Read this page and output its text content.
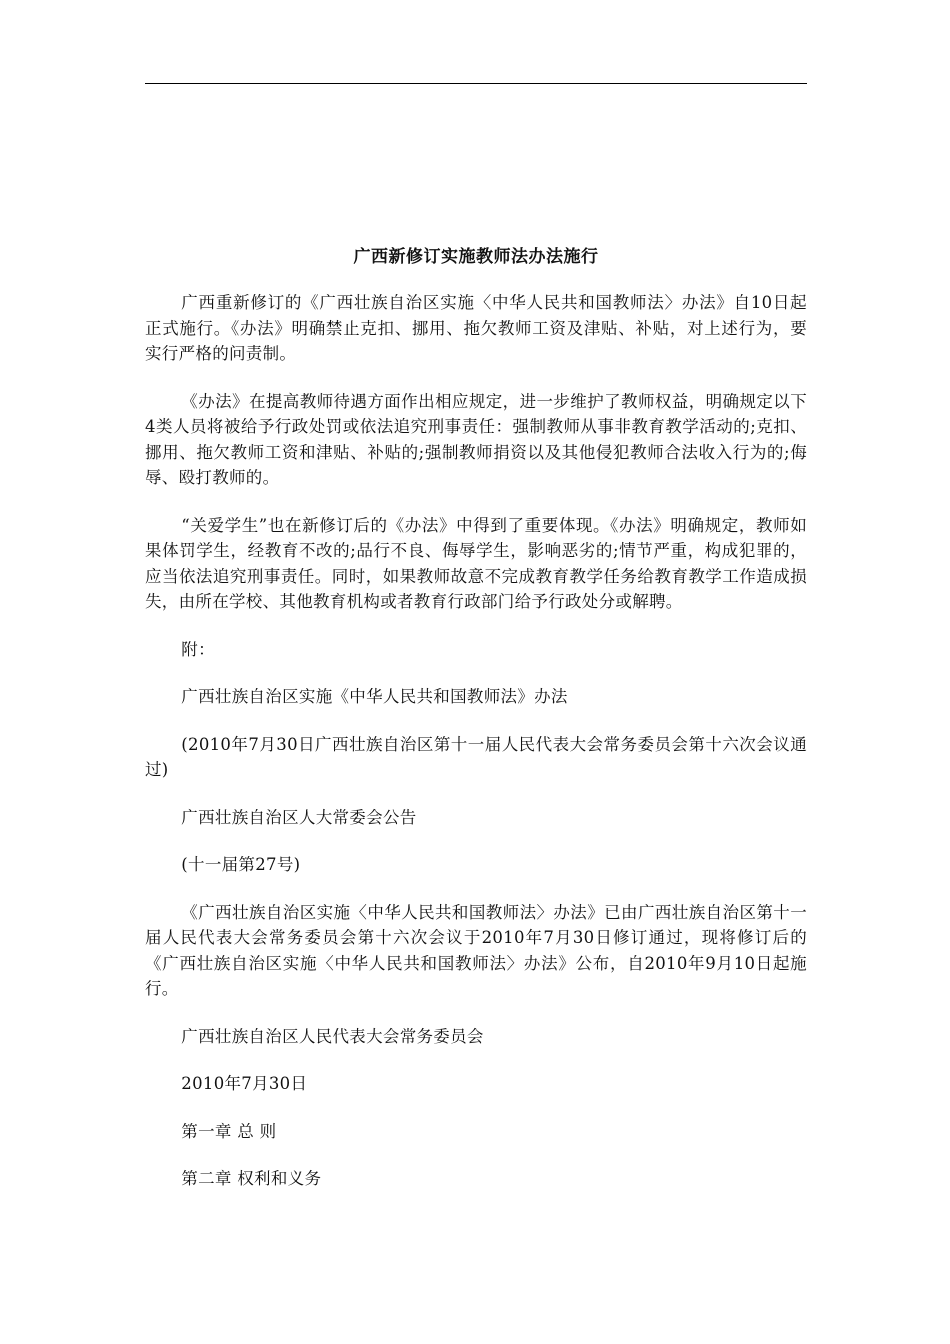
广西新修订实施教师法办法施行

广西重新修订的《广西壮族自治区实施〈中华人民共和国教师法〉办法》自10日起正式施行。《办法》明确禁止克扣、挪用、拖欠教师工资及津贴、补贴，对上述行为，要实行严格的问责制。

《办法》在提高教师待遇方面作出相应规定，进一步维护了教师权益，明确规定以下4类人员将被给予行政处罚或依法追究刑事责任：强制教师从事非教育教学活动的;克扣、挪用、拖欠教师工资和津贴、补贴的;强制教师捐资以及其他侵犯教师合法收入行为的;侮辱、殴打教师的。

“关爱学生”也在新修订后的《办法》中得到了重要体现。《办法》明确规定，教师如果体罚学生，经教育不改的;品行不良、侮辱学生，影响恶劣的;情节严重，构成犯罪的，应当依法追究刑事责任。同时，如果教师故意不完成教育教学任务给教育教学工作造成损失，由所在学校、其他教育机构或者教育行政部门给予行政处分或解聘。

附：

广西壮族自治区实施《中华人民共和国教师法》办法

(2010年7月30日广西壮族自治区第十一届人民代表大会常务委员会第十六次会议通过)

广西壮族自治区人大常委会公告

(十一届第27号)

《广西壮族自治区实施〈中华人民共和国教师法〉办法》已由广西壮族自治区第十一届人民代表大会常务委员会第十六次会议于2010年7月30日修订通过，现将修订后的《广西壮族自治区实施〈中华人民共和国教师法〉办法》公布，自2010年9月10日起施行。

广西壮族自治区人民代表大会常务委员会

2010年7月30日

第一章 总 则

第二章 权利和义务
